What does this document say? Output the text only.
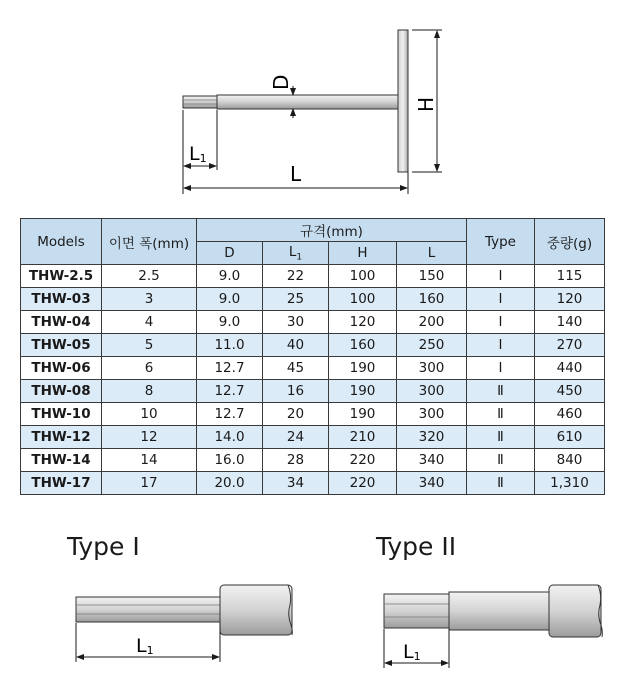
D
H
L1
L
Models	이면 폭(mm)	규격(mm)				Type	중량(g)
		D	$L_1$	H	L		
THW-2.5	2.5	9.0	22	100	150	Ⅰ	115
THW-03	3	9.0	25	100	160	Ⅰ	120
THW-04	4	9.0	30	120	200	Ⅰ	140
THW-05	5	11.0	40	160	250	Ⅰ	270
THW-06	6	12.7	45	190	300	Ⅰ	440
THW-08	8	12.7	16	190	300	Ⅱ	450
THW-10	10	12.7	20	190	300	Ⅱ	460
THW-12	12	14.0	24	210	320	Ⅱ	610
THW-14	14	16.0	28	220	340	Ⅱ	840
THW-17	17	20.0	34	220	340	Ⅱ	1,310
Type I
L1
Type II
L1
